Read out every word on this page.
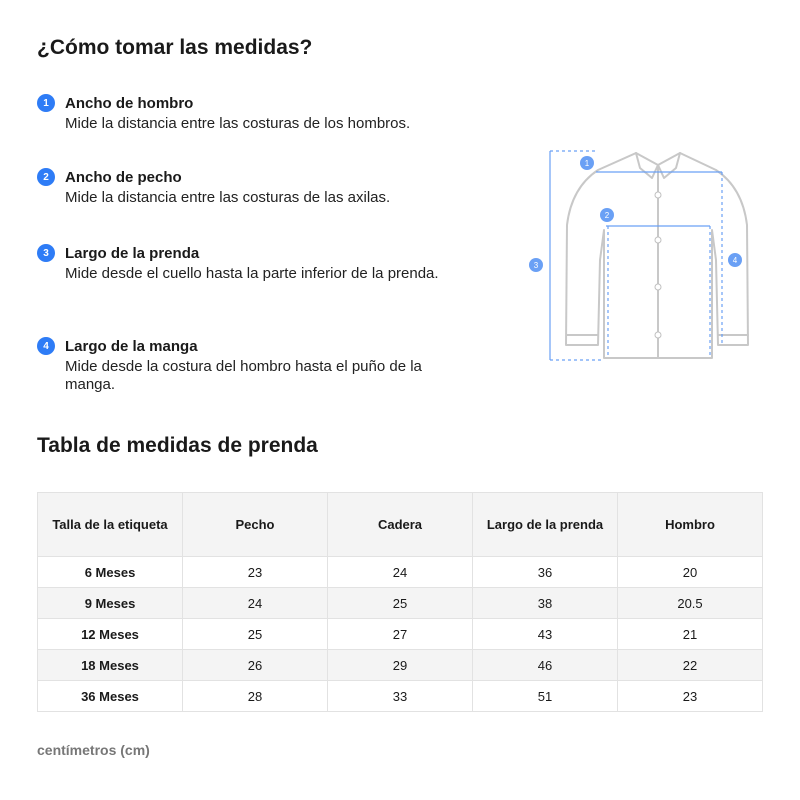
¿Cómo tomar las medidas?
1	Ancho de hombro
Mide la distancia entre las costuras de los hombros.
2	Ancho de pecho
Mide la distancia entre las costuras de las axilas.
3	Largo de la prenda
Mide desde el cuello hasta la parte inferior de la prenda.
4	Largo de la manga
Mide desde la costura del hombro hasta el puño de la manga.
1
2
3
4
Tabla de medidas de prenda
Talla de la etiqueta	Pecho	Cadera	Largo de la prenda	Hombro
6 Meses	23	24	36	20
9 Meses	24	25	38	20.5
12 Meses	25	27	43	21
18 Meses	26	29	46	22
36 Meses	28	33	51	23
centímetros (cm)
